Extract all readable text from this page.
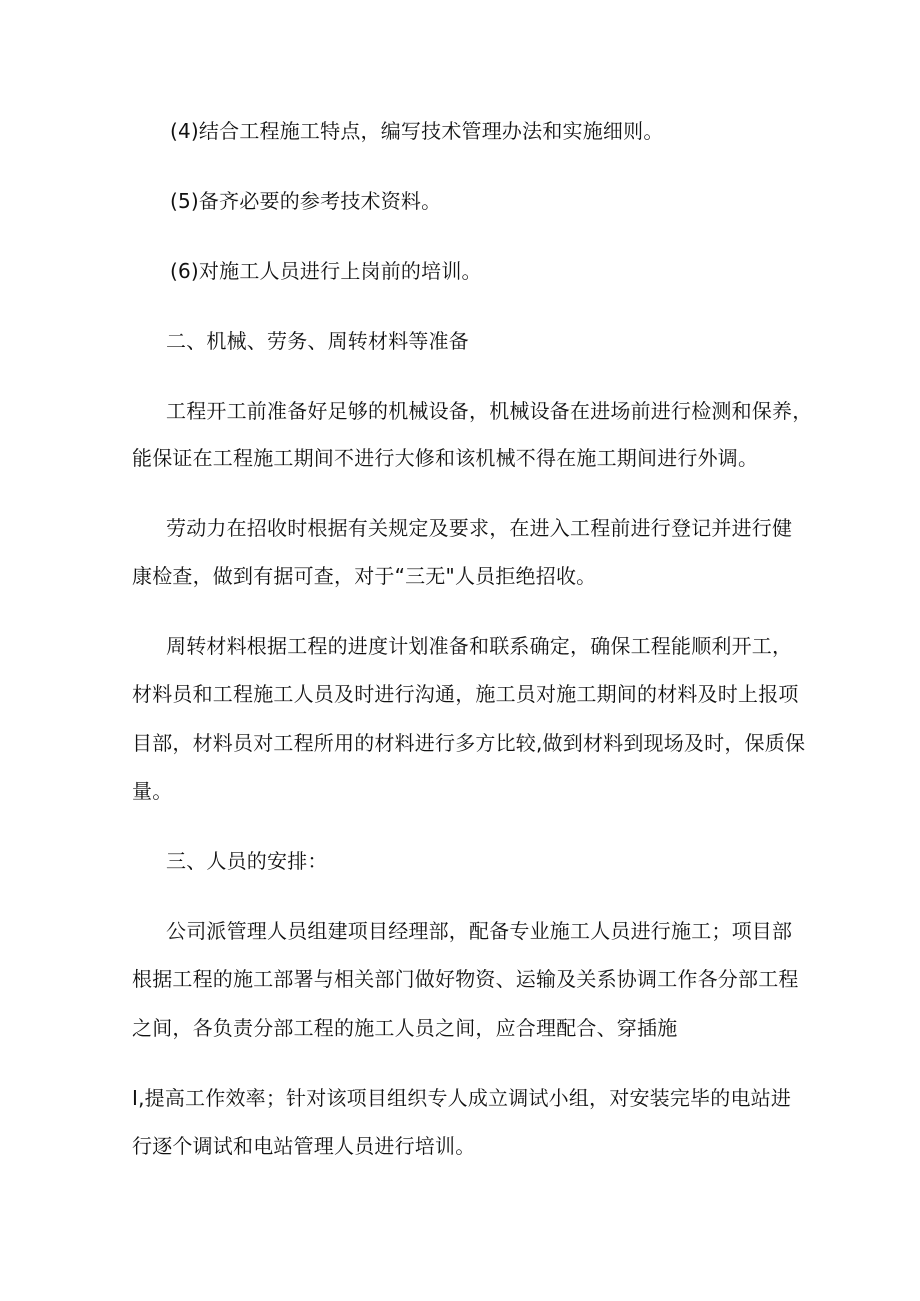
(4)结合工程施工特点，编写技术管理办法和实施细则。
(5)备齐必要的参考技术资料。
(6)对施工人员进行上岗前的培训。
二、机械、劳务、周转材料等准备
工程开工前准备好足够的机械设备，机械设备在进场前进行检测和保养，
能保证在工程施工期间不进行大修和该机械不得在施工期间进行外调。
劳动力在招收时根据有关规定及要求，在进入工程前进行登记并进行健
康检查，做到有据可查，对于“三无"人员拒绝招收。
周转材料根据工程的进度计划准备和联系确定，确保工程能顺利开工，
材料员和工程施工人员及时进行沟通，施工员对施工期间的材料及时上报项
目部，材料员对工程所用的材料进行多方比较,做到材料到现场及时，保质保
量。
三、人员的安排：
公司派管理人员组建项目经理部，配备专业施工人员进行施工；项目部
根据工程的施工部署与相关部门做好物资、运输及关系协调工作各分部工程
之间，各负责分部工程的施工人员之间，应合理配合、穿插施
I,提高工作效率；针对该项目组织专人成立调试小组，对安装完毕的电站进
行逐个调试和电站管理人员进行培训。
